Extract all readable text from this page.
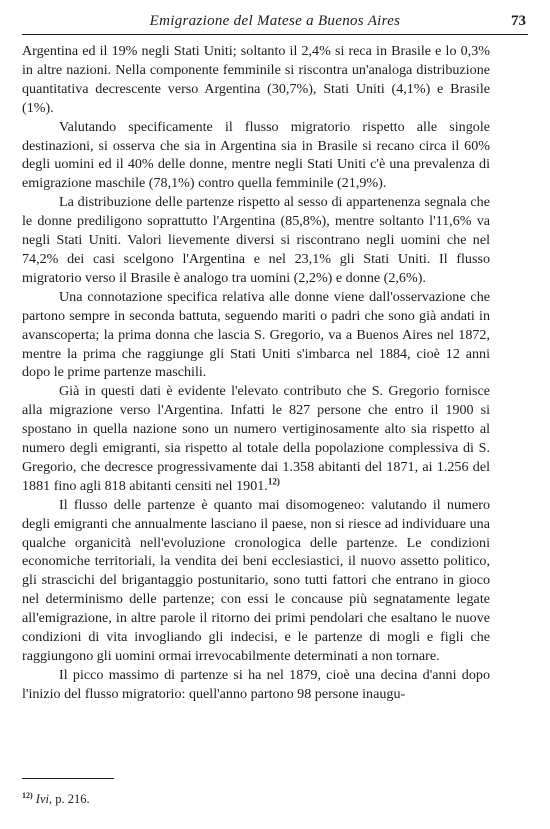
Emigrazione del Matese a Buenos Aires	73

Argentina ed il 19% negli Stati Uniti; soltanto il 2,4% si reca in Brasile e lo 0,3% in altre nazioni. Nella componente femminile si riscontra un'analoga distribuzione quantitativa decrescente verso Argentina (30,7%), Stati Uniti (4,1%) e Brasile (1%).

Valutando specificamente il flusso migratorio rispetto alle singole destinazioni, si osserva che sia in Argentina sia in Brasile si recano circa il 60% degli uomini ed il 40% delle donne, mentre negli Stati Uniti c'è una prevalenza di emigrazione maschile (78,1%) contro quella femminile (21,9%).

La distribuzione delle partenze rispetto al sesso di appartenenza segnala che le donne prediligono soprattutto l'Argentina (85,8%), mentre soltanto l'11,6% va negli Stati Uniti. Valori lievemente diversi si riscontrano negli uomini che nel 74,2% dei casi scelgono l'Argentina e nel 23,1% gli Stati Uniti. Il flusso migratorio verso il Brasile è analogo tra uomini (2,2%) e donne (2,6%).

Una connotazione specifica relativa alle donne viene dall'osservazione che partono sempre in seconda battuta, seguendo mariti o padri che sono già andati in avanscoperta; la prima donna che lascia S. Gregorio, va a Buenos Aires nel 1872, mentre la prima che raggiunge gli Stati Uniti s'imbarca nel 1884, cioè 12 anni dopo le prime partenze maschili.

Già in questi dati è evidente l'elevato contributo che S. Gregorio fornisce alla migrazione verso l'Argentina. Infatti le 827 persone che entro il 1900 si spostano in quella nazione sono un numero vertiginosamente alto sia rispetto al numero degli emigranti, sia rispetto al totale della popolazione complessiva di S. Gregorio, che decresce progressivamente dai 1.358 abitanti del 1871, ai 1.256 del 1881 fino agli 818 abitanti censiti nel 1901.$^{12)}$

Il flusso delle partenze è quanto mai disomogeneo: valutando il numero degli emigranti che annualmente lasciano il paese, non si riesce ad individuare una qualche organicità nell'evoluzione cronologica delle partenze. Le condizioni economiche territoriali, la vendita dei beni ecclesiastici, il nuovo assetto politico, gli strascichi del brigantaggio postunitario, sono tutti fattori che entrano in gioco nel determinismo delle partenze; con essi le concause più segnatamente legate all'emigrazione, in altre parole il ritorno dei primi pendolari che esaltano le nuove condizioni di vita invogliando gli indecisi, e le partenze di mogli e figli che raggiungono gli uomini ormai irrevocabilmente determinati a non tornare.

Il picco massimo di partenze si ha nel 1879, cioè una decina d'anni dopo l'inizio del flusso migratorio: quell'anno partono 98 persone inaugu-

$^{12)}$ Ivi, p. 216.
